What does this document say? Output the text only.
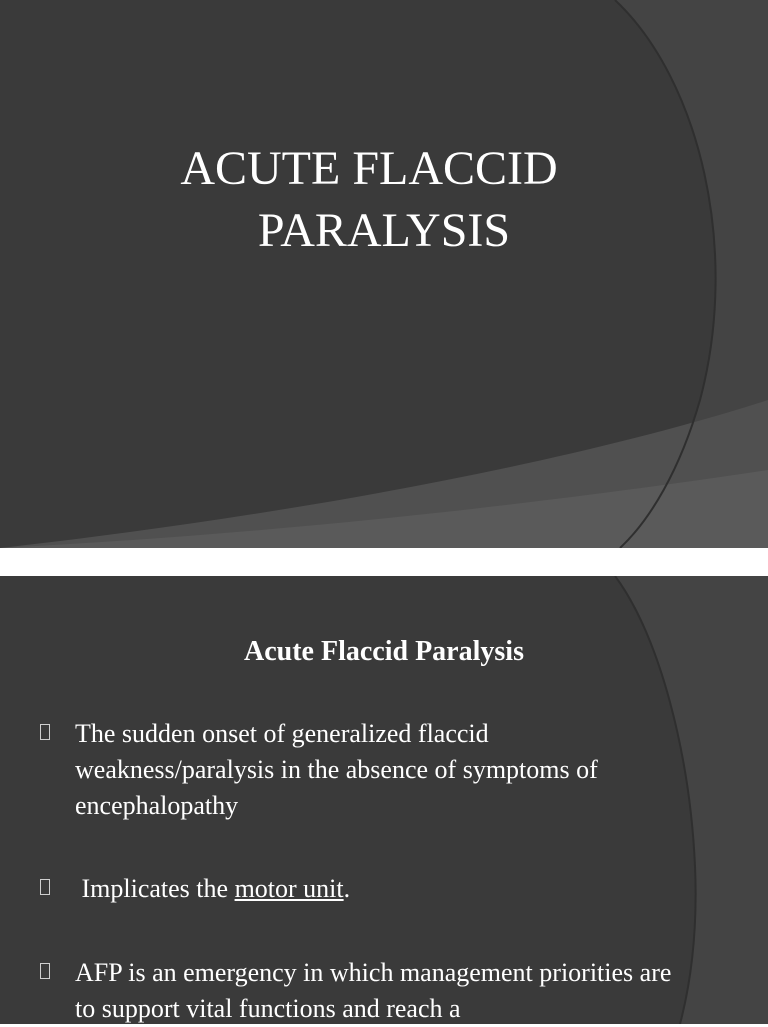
ACUTE FLACCID
PARALYSIS
Acute Flaccid Paralysis
The sudden onset of generalized flaccid weakness/paralysis in the absence of symptoms of encephalopathy
Implicates the motor unit.
AFP is an emergency in which management priorities are to support vital functions and reach a
